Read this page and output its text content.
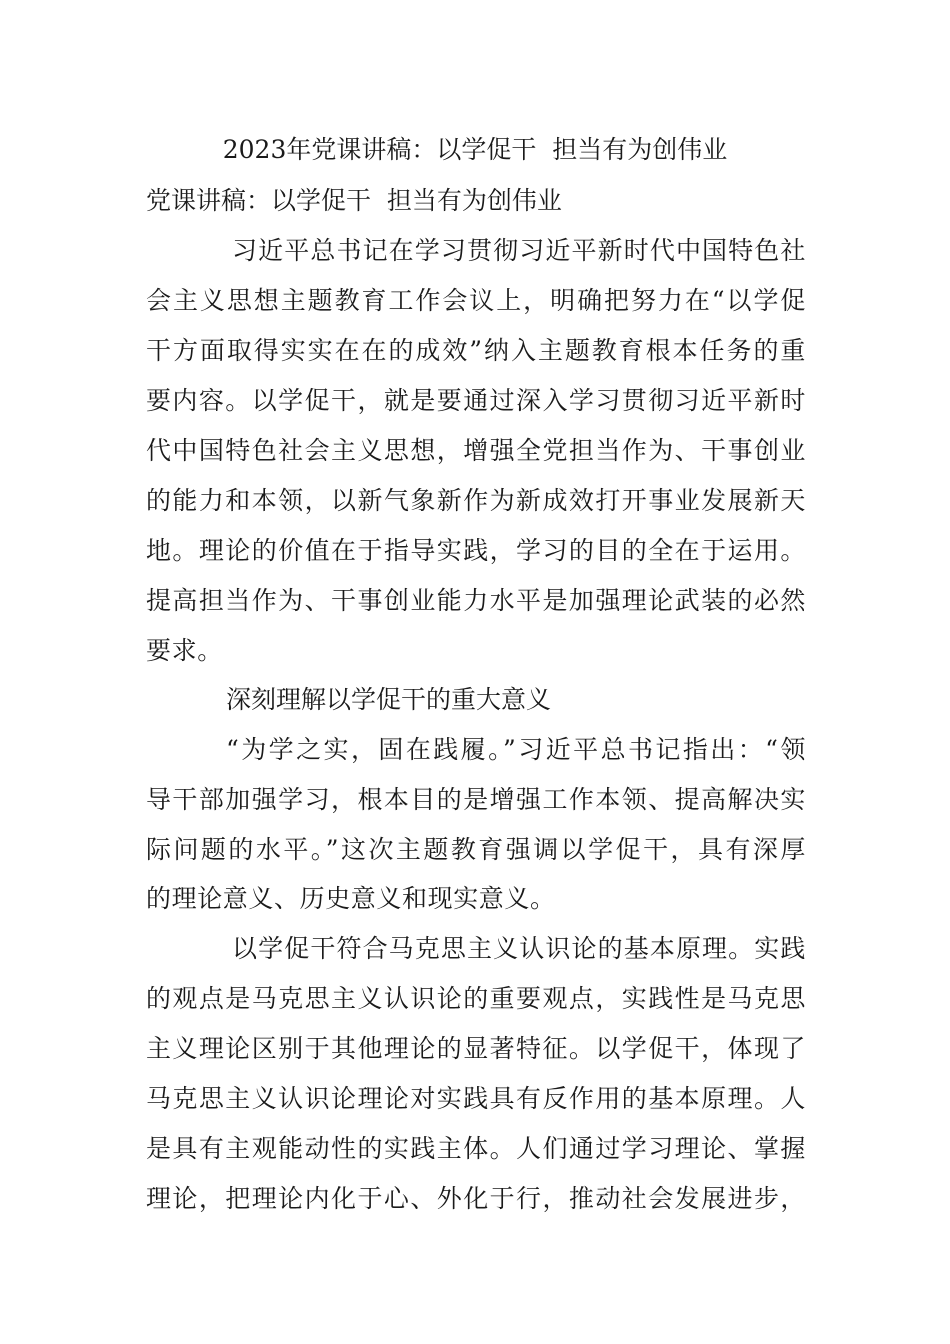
2023年党课讲稿：以学促干  担当有为创伟业
党课讲稿：以学促干  担当有为创伟业
习近平总书记在学习贯彻习近平新时代中国特色社
会主义思想主题教育工作会议上，明确把努力在“以学促
干方面取得实实在在的成效”纳入主题教育根本任务的重
要内容。以学促干，就是要通过深入学习贯彻习近平新时
代中国特色社会主义思想，增强全党担当作为、干事创业
的能力和本领，以新气象新作为新成效打开事业发展新天
地。理论的价值在于指导实践，学习的目的全在于运用。
提高担当作为、干事创业能力水平是加强理论武装的必然
要求。
深刻理解以学促干的重大意义
“为学之实，固在践履。”习近平总书记指出：“领
导干部加强学习，根本目的是增强工作本领、提高解决实
际问题的水平。”这次主题教育强调以学促干，具有深厚
的理论意义、历史意义和现实意义。
以学促干符合马克思主义认识论的基本原理。实践
的观点是马克思主义认识论的重要观点，实践性是马克思
主义理论区别于其他理论的显著特征。以学促干，体现了
马克思主义认识论理论对实践具有反作用的基本原理。人
是具有主观能动性的实践主体。人们通过学习理论、掌握
理论，把理论内化于心、外化于行，推动社会发展进步，
